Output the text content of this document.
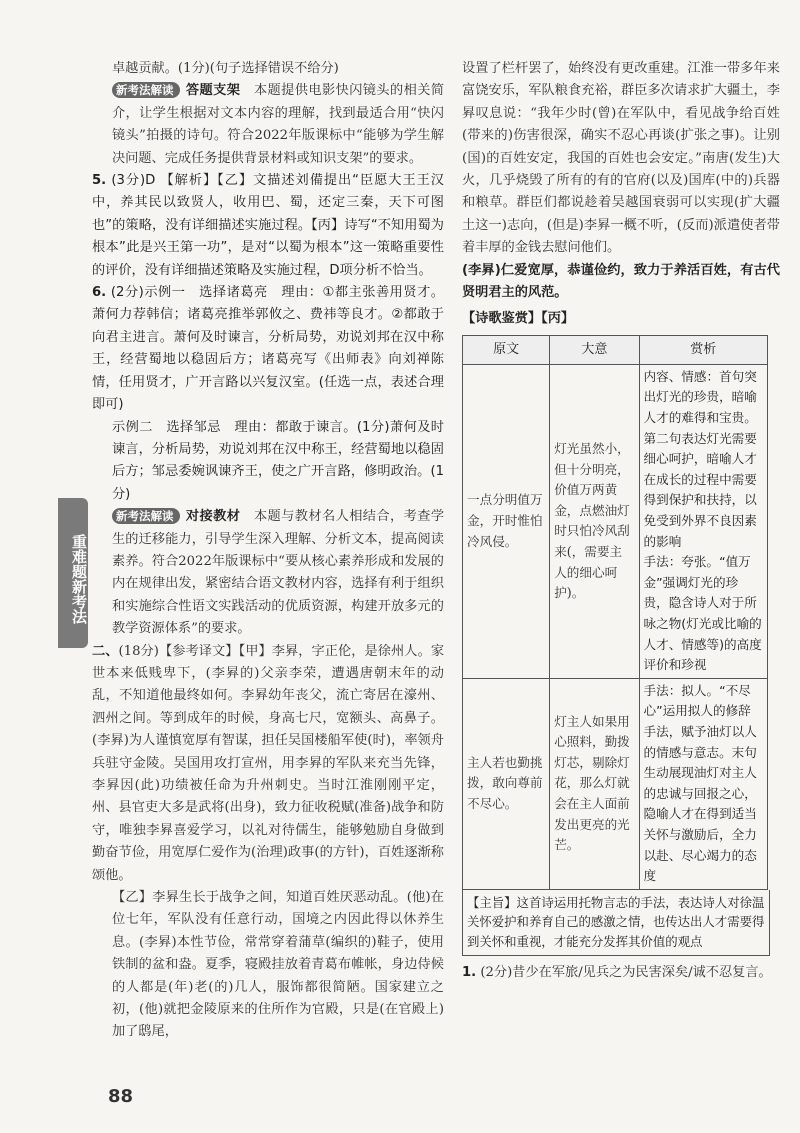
重难题新考法

卓越贡献。(1分)(句子选择错误不给分)

新考法解读 答题支架　 本题提供电影快闪镜头的相关简介，让学生根据对文本内容的理解，找到最适合用“快闪镜头”拍摄的诗句。符合2022年版课标中“能够为学生解决问题、完成任务提供背景材料或知识支架”的要求。

5. (3分)D 【解析】【乙】文描述刘備提出“臣愿大王王汉中，养其民以致贤人，收用巴、蜀，还定三秦，天下可图也”的策略，没有详细描述实施过程。【丙】诗写“不知用蜀为根本”此是兴王第一功”，是对“以蜀为根本”这一策略重要性的评价，没有详细描述策略及实施过程，D项分析不恰当。

6. (2分)示例一　选择诸葛亮　理由：①都主张善用贤才。萧何力荐韩信；诸葛亮推举郭攸之、费祎等良才。②都敢于向君主进言。萧何及时谏言，分析局势，劝说刘邦在汉中称王，经营蜀地以稳固后方；诸葛亮写《出师表》向刘禅陈情，任用贤才，广开言路以兴复汉室。(任选一点，表述合理即可)

示例二　选择邹忌　理由：都敢于谏言。(1分)萧何及时谏言，分析局势，劝说刘邦在汉中称王，经营蜀地以稳固后方；邹忌委婉讽谏齐王，使之广开言路，修明政治。(1分)

新考法解读 对接教材　 本题与教材名人相结合，考查学生的迁移能力，引导学生深入理解、分析文本，提高阅读素养。符合2022年版课标中“要从核心素养形成和发展的内在规律出发，紧密结合语文教材内容，选择有利于组织和实施综合性语文实践活动的优质资源，构建开放多元的教学资源体系”的要求。

二、(18分)【参考译文】【甲】李昪，字正伦，是徐州人。家世本来低贱卑下，(李昪的)父亲李荣，遭遇唐朝末年的动乱，不知道他最终如何。李昪幼年丧父，流亡寄居在濠州、泗州之间。等到成年的时候，身高七尺，宽额头、高鼻子。(李昪)为人谨慎宽厚有智谋，担任吴国楼船军使(时)，率领舟兵驻守金陵。吴国用攻打宣州，用李昪的军队来充当先锋，李昪因(此)功绩被任命为升州刺史。当时江淮刚刚平定，州、县官吏大多是武将(出身)，致力征收税赋(准备)战争和防守，唯独李昪喜爱学习，以礼对待儒生，能够勉励自身做到勤奋节俭，用宽厚仁爱作为(治理)政事(的方针)，百姓逐渐称颂他。

【乙】李昪生长于战争之间，知道百姓厌恶动乱。(他)在位七年，军队没有任意行动，国境之内因此得以休养生息。(李昪)本性节俭，常常穿着蒲草(编织的)鞋子，使用铁制的盆和盎。夏季，寝殿挂放着青葛布帷帐，身边侍候的人都是(年)老(的)几人，服饰都很简陋。国家建立之初，(他)就把金陵原来的住所作为官殿，只是(在官殿上)加了鸱尾，

设置了栏杆罢了，始终没有更改重建。江淮一带多年来富饶安乐，军队粮食充裕，群臣多次请求扩大疆土，李昪叹息说：“我年少时(曾)在军队中，看见战争给百姓(带来的)伤害很深，确实不忍心再谈(扩张之事)。让别(国)的百姓安定，我国的百姓也会安定。”南唐(发生)大火，几乎烧毁了所有的有的官府(以及)国库(中的)兵器和粮草。群臣们都说趁着吴越国衰弱可以实现(扩大疆土这一)志向，(但是)李昪一概不听，(反而)派遣使者带着丰厚的金钱去慰问他们。

(李昪)仁爱宽厚，恭谨俭约，致力于养活百姓，有古代贤明君主的风范。

【诗歌鉴赏】【丙】
原文	大意	赏析
一点分明值万金，开时惟怕冷风侵。	灯光虽然小，但十分明亮，价值万两黄金，点燃油灯时只怕冷风刮来(，需要主人的细心呵护)。	内容、情感：首句突出灯光的珍贵，暗喻人才的难得和宝贵。第二句表达灯光需要细心呵护，暗喻人才在成长的过程中需要得到保护和扶持，以免受到外界不良因素的影响
手法：夸张。“值万金”强调灯光的珍贵，隐含诗人对于所咏之物(灯光或比喻的人才、情感等)的高度评价和珍视

主人若也勤挑拨，敢向尊前不尽心。	灯主人如果用心照料，勤拨灯芯，剔除灯花，那么灯就会在主人面前发出更亮的光芒。	手法：拟人。“不尽心”运用拟人的修辞手法，赋予油灯以人的情感与意志。末句生动展现油灯对主人的忠诚与回报之心，隐喻人才在得到适当关怀与激励后，全力以赴、尽心竭力的态度
【主旨】这首诗运用托物言志的手法，表达诗人对徐温关怀爱护和养育自己的感激之情，也传达出人才需要得到关怀和重视，才能充分发挥其价值的观点

1. (2分)昔少在军旅/见兵之为民害深矣/诚不忍复言。

88
